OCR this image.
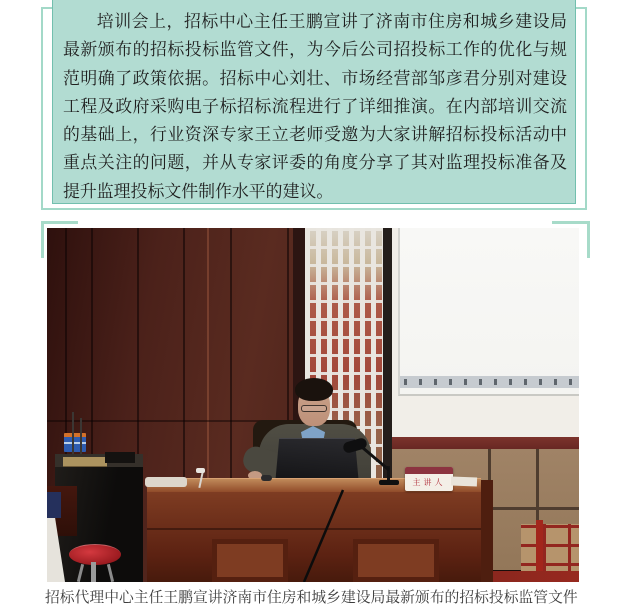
培训会上，招标中心主任王鹏宣讲了济南市住房和城乡建设局最新颁布的招标投标监管文件，为今后公司招投标工作的优化与规范明确了政策依据。招标中心刘壮、市场经营部邹彦君分别对建设工程及政府采购电子标招标流程进行了详细推演。在内部培训交流的基础上，行业资深专家王立老师受邀为大家讲解招标投标活动中重点关注的问题，并从专家评委的角度分享了其对监理投标准备及提升监理投标文件制作水平的建议。

主讲人
招标代理中心主任王鹏宣讲济南市住房和城乡建设局最新颁布的招标投标监管文件
